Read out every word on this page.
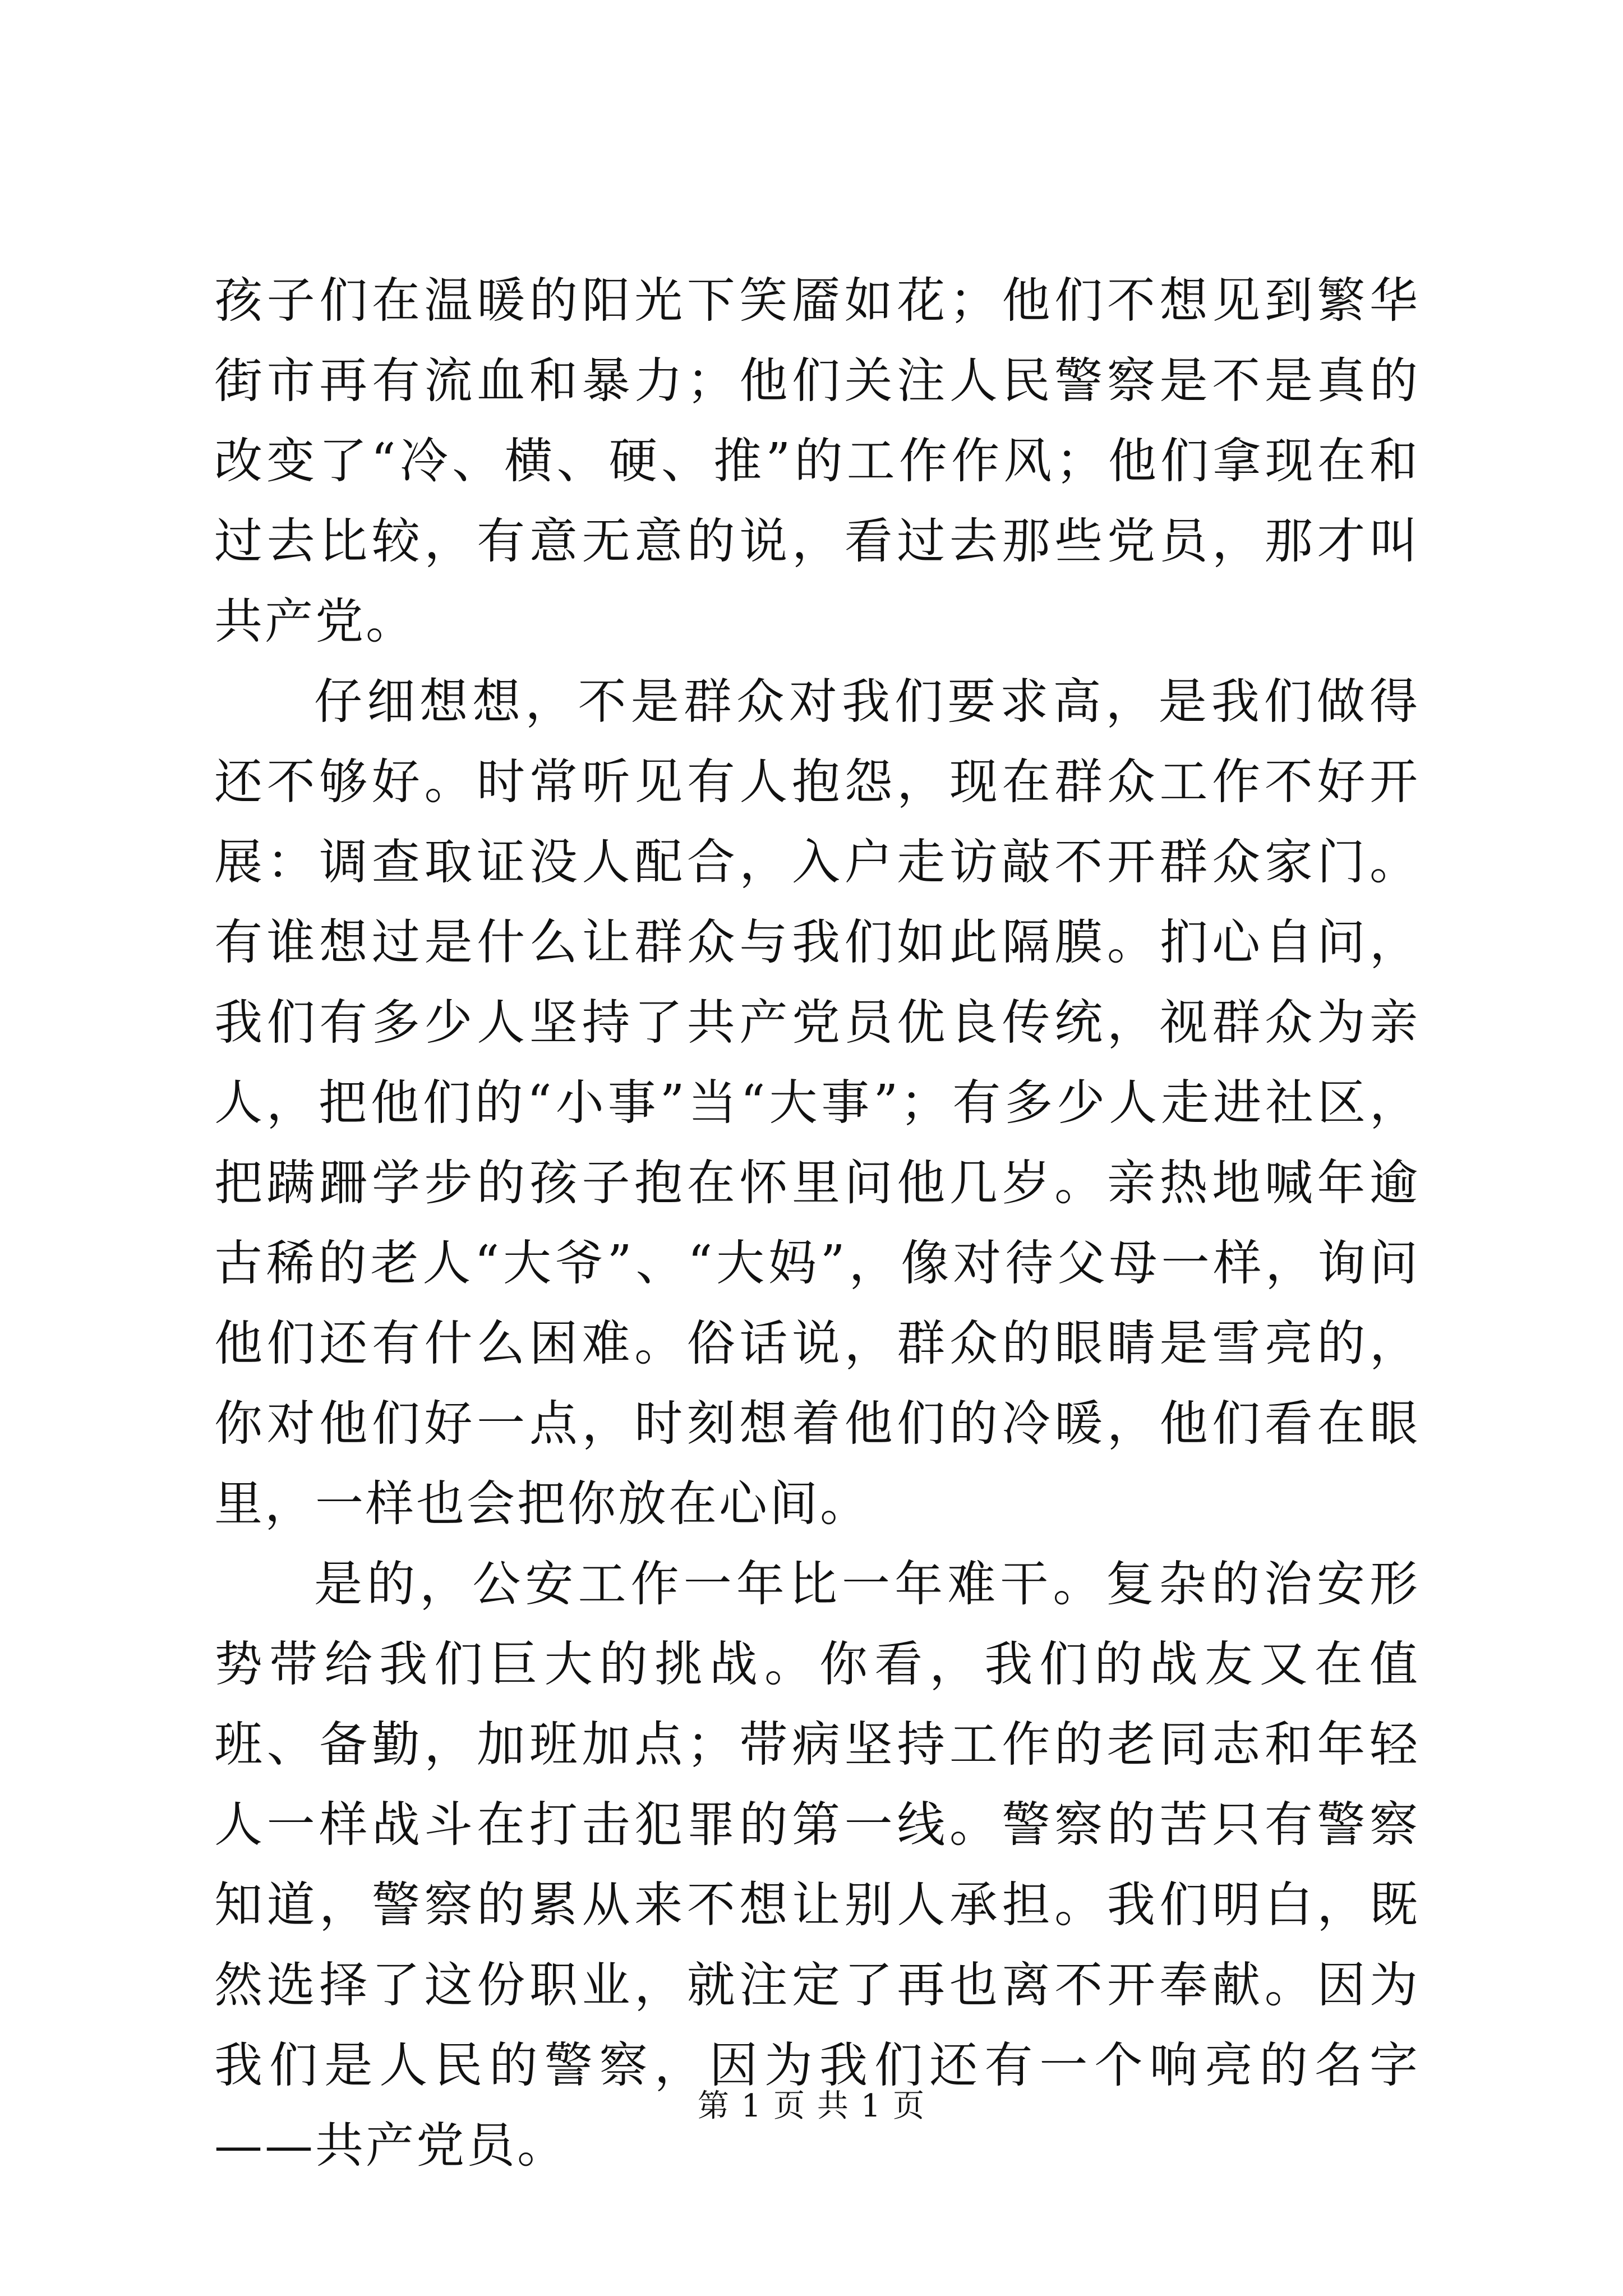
孩子们在温暖的阳光下笑靥如花；他们不想见到繁华街市再有流血和暴力；他们关注人民警察是不是真的改变了“冷、横、硬、推”的工作作风；他们拿现在和过去比较，有意无意的说，看过去那些党员，那才叫共产党。

仔细想想，不是群众对我们要求高，是我们做得还不够好。时常听见有人抱怨，现在群众工作不好开展：调查取证没人配合，入户走访敲不开群众家门。有谁想过是什么让群众与我们如此隔膜。扪心自问，我们有多少人坚持了共产党员优良传统，视群众为亲人，把他们的“小事”当“大事”；有多少人走进社区，把蹒跚学步的孩子抱在怀里问他几岁。亲热地喊年逾古稀的老人“大爷”、“大妈”，像对待父母一样，询问他们还有什么困难。俗话说，群众的眼睛是雪亮的，你对他们好一点，时刻想着他们的冷暖，他们看在眼里，一样也会把你放在心间。

是的，公安工作一年比一年难干。复杂的治安形势带给我们巨大的挑战。你看，我们的战友又在值班、备勤，加班加点；带病坚持工作的老同志和年轻人一样战斗在打击犯罪的第一线。警察的苦只有警察知道，警察的累从来不想让别人承担。我们明白，既然选择了这份职业，就注定了再也离不开奉献。因为我们是人民的警察，因为我们还有一个响亮的名字——共产党员。

第 1 页 共 1 页
